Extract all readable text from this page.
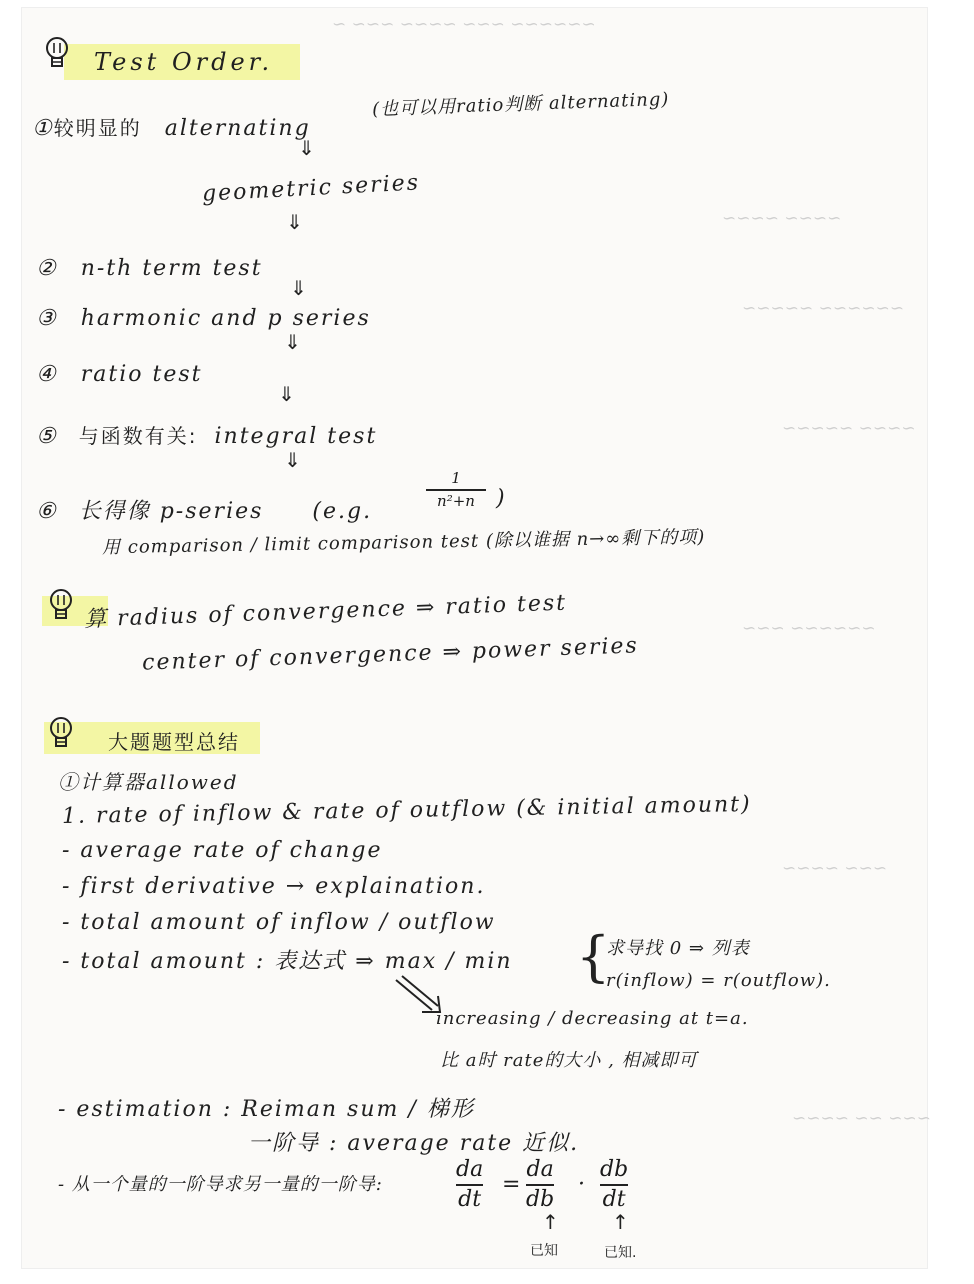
~ ~~~ ~~~~ ~~~ ~~~~~~
~~~~ ~~~~
~~~~~ ~~~~~~
~~~~~ ~~~~
~~~ ~~~~~~
~~~~ ~~~
~~~~ ~~ ~~~
Test Order.
①较明显的 alternating
(也可以用ratio判断 alternating)
⇓
geometric series
⇓
② n-th term test
⇓
③ harmonic and p series
⇓
④ ratio test
⇓
⑤ 与函数有关: integral test
⇓
⑥ 长得像 p-series (e.g.
1
n²+n )
用 comparison / limit comparison test (除以谁据 n→∞剩下的项)
算 radius of convergence ⇒ ratio test
center of convergence ⇒ power series
大题题型总结
①计算器allowed
1. rate of inflow & rate of outflow (& initial amount)
- average rate of change
- first derivative → explaination.
- total amount of inflow / outflow
- total amount : 表达式 ⇒ max / min {
求导找 0 ⇒ 列表
r(inflow) = r(outflow).
increasing / decreasing at t=a.
比 a时 rate的大小 , 相减即可
- estimation : Reiman sum / 梯形
一阶导 : average rate 近似.
- 从一个量的一阶导求另一量的一阶导:
da
dt
=
da
db
·
db
dt
↑	↑
已知	已知.
